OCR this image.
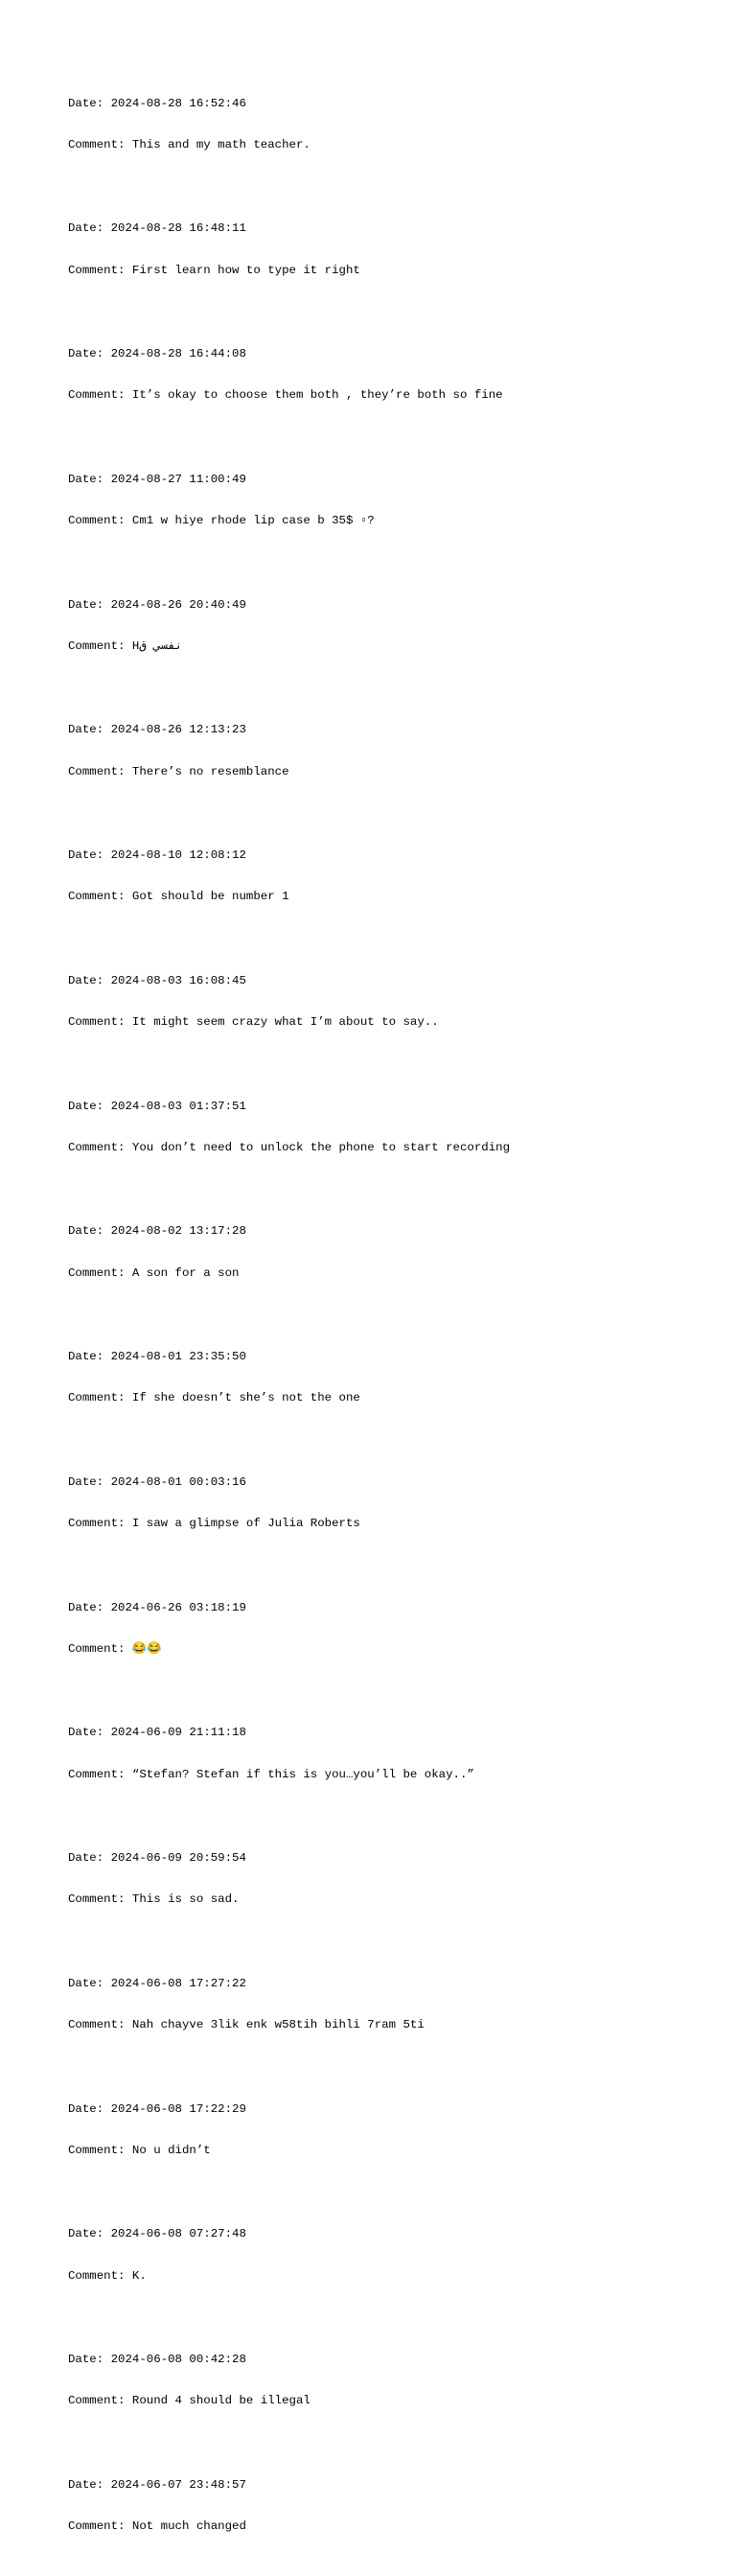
Date: 2024-08-28 16:52:46

Comment: This and my math teacher.

Date: 2024-08-28 16:48:11

Comment: First learn how to type it right

Date: 2024-08-28 16:44:08

Comment: It’s okay to choose them both , they’re both so fine

Date: 2024-08-27 11:00:49

Comment: Cm1 w hiye rhode lip case b 35$ ▫?

Date: 2024-08-26 20:40:49

Comment: Hنفسي ق

Date: 2024-08-26 12:13:23

Comment: There’s no resemblance

Date: 2024-08-10 12:08:12

Comment: Got should be number 1

Date: 2024-08-03 16:08:45

Comment: It might seem crazy what I’m about to say..

Date: 2024-08-03 01:37:51

Comment: You don’t need to unlock the phone to start recording

Date: 2024-08-02 13:17:28

Comment: A son for a son

Date: 2024-08-01 23:35:50

Comment: If she doesn’t she’s not the one

Date: 2024-08-01 00:03:16

Comment: I saw a glimpse of Julia Roberts

Date: 2024-06-26 03:18:19

Comment: 😂😂

Date: 2024-06-09 21:11:18

Comment: “Stefan? Stefan if this is you…you’ll be okay..”

Date: 2024-06-09 20:59:54

Comment: This is so sad.

Date: 2024-06-08 17:27:22

Comment: Nah chayve 3lik enk w58tih bihli 7ram 5ti

Date: 2024-06-08 17:22:29

Comment: No u didn’t

Date: 2024-06-08 07:27:48

Comment: K.

Date: 2024-06-08 00:42:28

Comment: Round 4 should be illegal

Date: 2024-06-07 23:48:57

Comment: Not much changed
